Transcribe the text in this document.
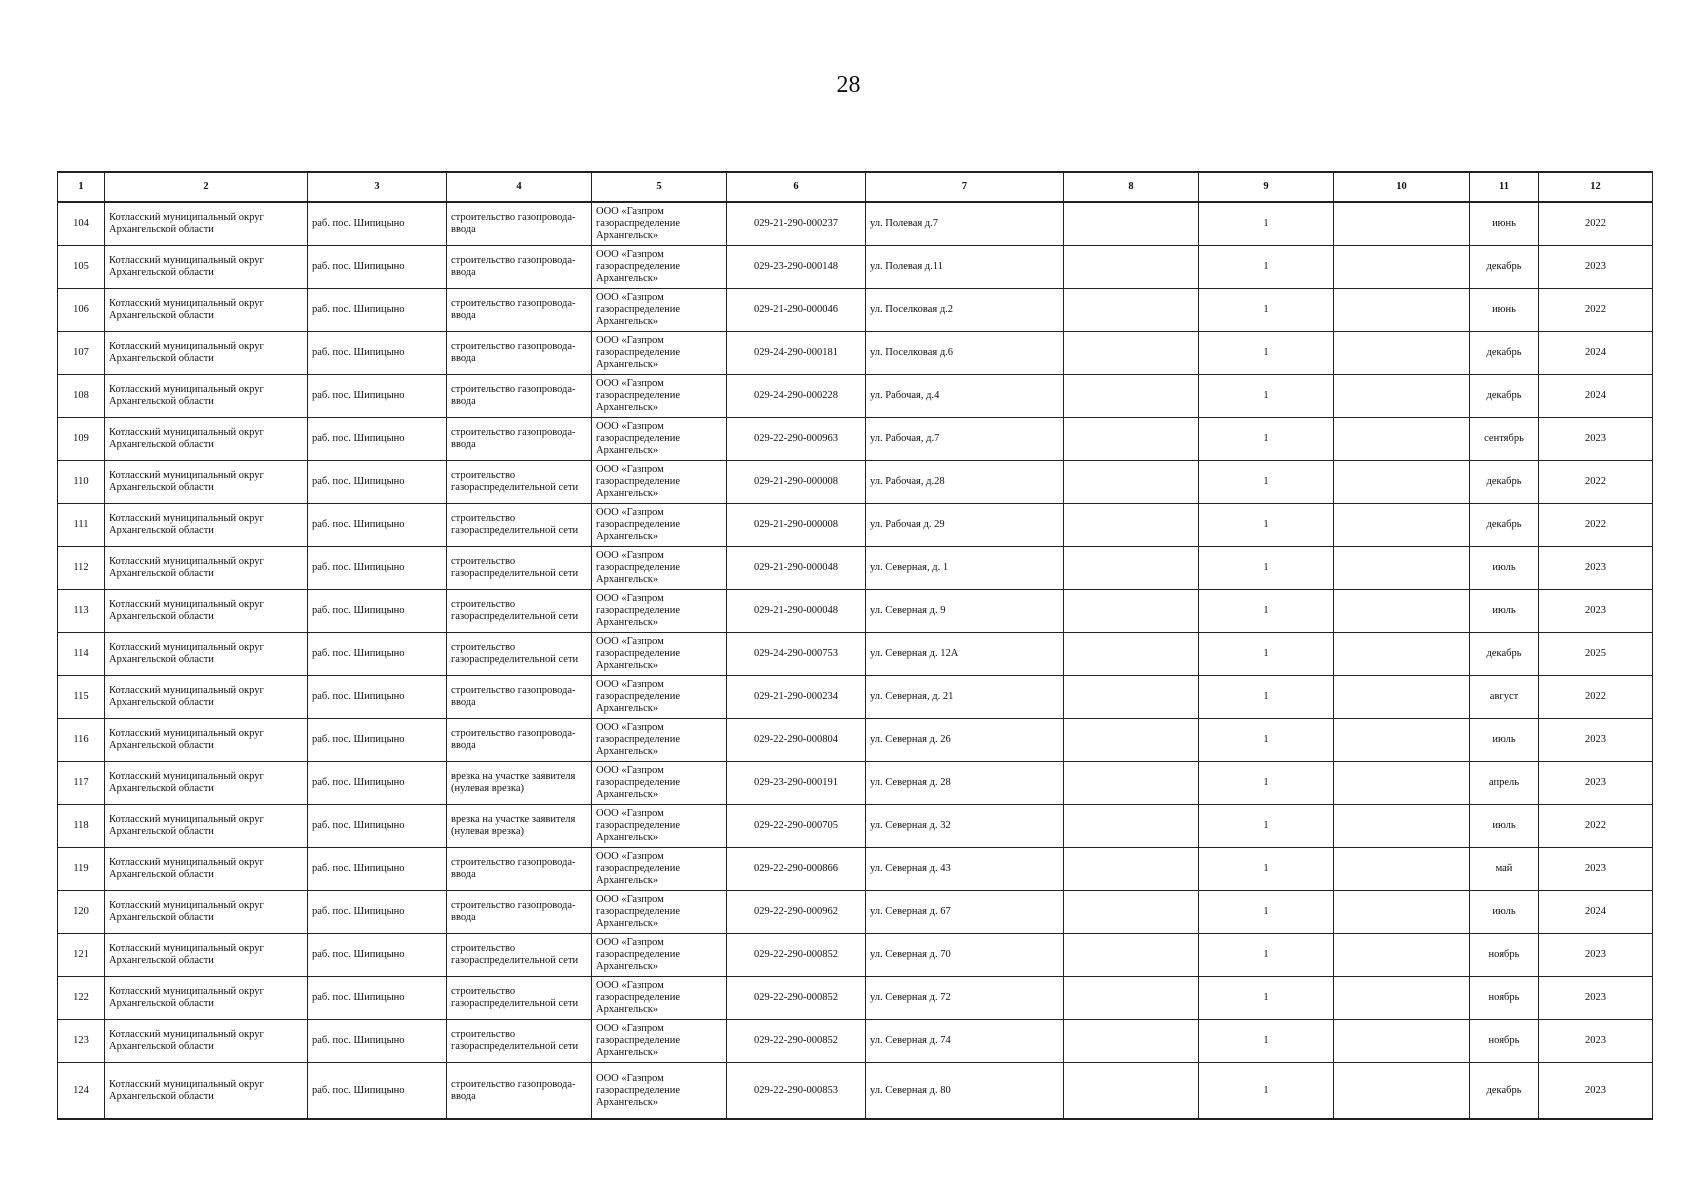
28
1	2	3	4	5	6	7	8	9	10	11	12
104	Котласский муниципальный округ Архангельской области	раб. пос. Шипицыно	строительство газопровода-ввода	ООО «Газпром газораспределение Архангельск»	029-21-290-000237	ул. Полевая д.7		1		июнь	2022
105	Котласский муниципальный округ Архангельской области	раб. пос. Шипицыно	строительство газопровода-ввода	ООО «Газпром газораспределение Архангельск»	029-23-290-000148	ул. Полевая д.11		1		декабрь	2023
106	Котласский муниципальный округ Архангельской области	раб. пос. Шипицыно	строительство газопровода-ввода	ООО «Газпром газораспределение Архангельск»	029-21-290-000046	ул. Поселковая д.2		1		июнь	2022
107	Котласский муниципальный округ Архангельской области	раб. пос. Шипицыно	строительство газопровода-ввода	ООО «Газпром газораспределение Архангельск»	029-24-290-000181	ул. Поселковая д.6		1		декабрь	2024
108	Котласский муниципальный округ Архангельской области	раб. пос. Шипицыно	строительство газопровода-ввода	ООО «Газпром газораспределение Архангельск»	029-24-290-000228	ул. Рабочая, д.4		1		декабрь	2024
109	Котласский муниципальный округ Архангельской области	раб. пос. Шипицыно	строительство газопровода-ввода	ООО «Газпром газораспределение Архангельск»	029-22-290-000963	ул. Рабочая, д.7		1		сентябрь	2023
110	Котласский муниципальный округ Архангельской области	раб. пос. Шипицыно	строительство газораспределительной сети	ООО «Газпром газораспределение Архангельск»	029-21-290-000008	ул. Рабочая, д.28		1		декабрь	2022
111	Котласский муниципальный округ Архангельской области	раб. пос. Шипицыно	строительство газораспределительной сети	ООО «Газпром газораспределение Архангельск»	029-21-290-000008	ул. Рабочая д. 29		1		декабрь	2022
112	Котласский муниципальный округ Архангельской области	раб. пос. Шипицыно	строительство газораспределительной сети	ООО «Газпром газораспределение Архангельск»	029-21-290-000048	ул. Северная, д. 1		1		июль	2023
113	Котласский муниципальный округ Архангельской области	раб. пос. Шипицыно	строительство газораспределительной сети	ООО «Газпром газораспределение Архангельск»	029-21-290-000048	ул. Северная д. 9		1		июль	2023
114	Котласский муниципальный округ Архангельской области	раб. пос. Шипицыно	строительство газораспределительной сети	ООО «Газпром газораспределение Архангельск»	029-24-290-000753	ул. Северная д. 12А		1		декабрь	2025
115	Котласский муниципальный округ Архангельской области	раб. пос. Шипицыно	строительство газопровода-ввода	ООО «Газпром газораспределение Архангельск»	029-21-290-000234	ул. Северная, д. 21		1		август	2022
116	Котласский муниципальный округ Архангельской области	раб. пос. Шипицыно	строительство газопровода-ввода	ООО «Газпром газораспределение Архангельск»	029-22-290-000804	ул. Северная д. 26		1		июль	2023
117	Котласский муниципальный округ Архангельской области	раб. пос. Шипицыно	врезка на участке заявителя (нулевая врезка)	ООО «Газпром газораспределение Архангельск»	029-23-290-000191	ул. Северная д. 28		1		апрель	2023
118	Котласский муниципальный округ Архангельской области	раб. пос. Шипицыно	врезка на участке заявителя (нулевая врезка)	ООО «Газпром газораспределение Архангельск»	029-22-290-000705	ул. Северная д. 32		1		июль	2022
119	Котласский муниципальный округ Архангельской области	раб. пос. Шипицыно	строительство газопровода-ввода	ООО «Газпром газораспределение Архангельск»	029-22-290-000866	ул. Северная д. 43		1		май	2023
120	Котласский муниципальный округ Архангельской области	раб. пос. Шипицыно	строительство газопровода-ввода	ООО «Газпром газораспределение Архангельск»	029-22-290-000962	ул. Северная д. 67		1		июль	2024
121	Котласский муниципальный округ Архангельской области	раб. пос. Шипицыно	строительство газораспределительной сети	ООО «Газпром газораспределение Архангельск»	029-22-290-000852	ул. Северная д. 70		1		ноябрь	2023
122	Котласский муниципальный округ Архангельской области	раб. пос. Шипицыно	строительство газораспределительной сети	ООО «Газпром газораспределение Архангельск»	029-22-290-000852	ул. Северная д. 72		1		ноябрь	2023
123	Котласский муниципальный округ Архангельской области	раб. пос. Шипицыно	строительство газораспределительной сети	ООО «Газпром газораспределение Архангельск»	029-22-290-000852	ул. Северная д. 74		1		ноябрь	2023
124	Котласский муниципальный округ Архангельской области	раб. пос. Шипицыно	строительство газопровода-ввода	ООО «Газпром газораспределение Архангельск»	029-22-290-000853	ул. Северная д. 80		1		декабрь	2023
